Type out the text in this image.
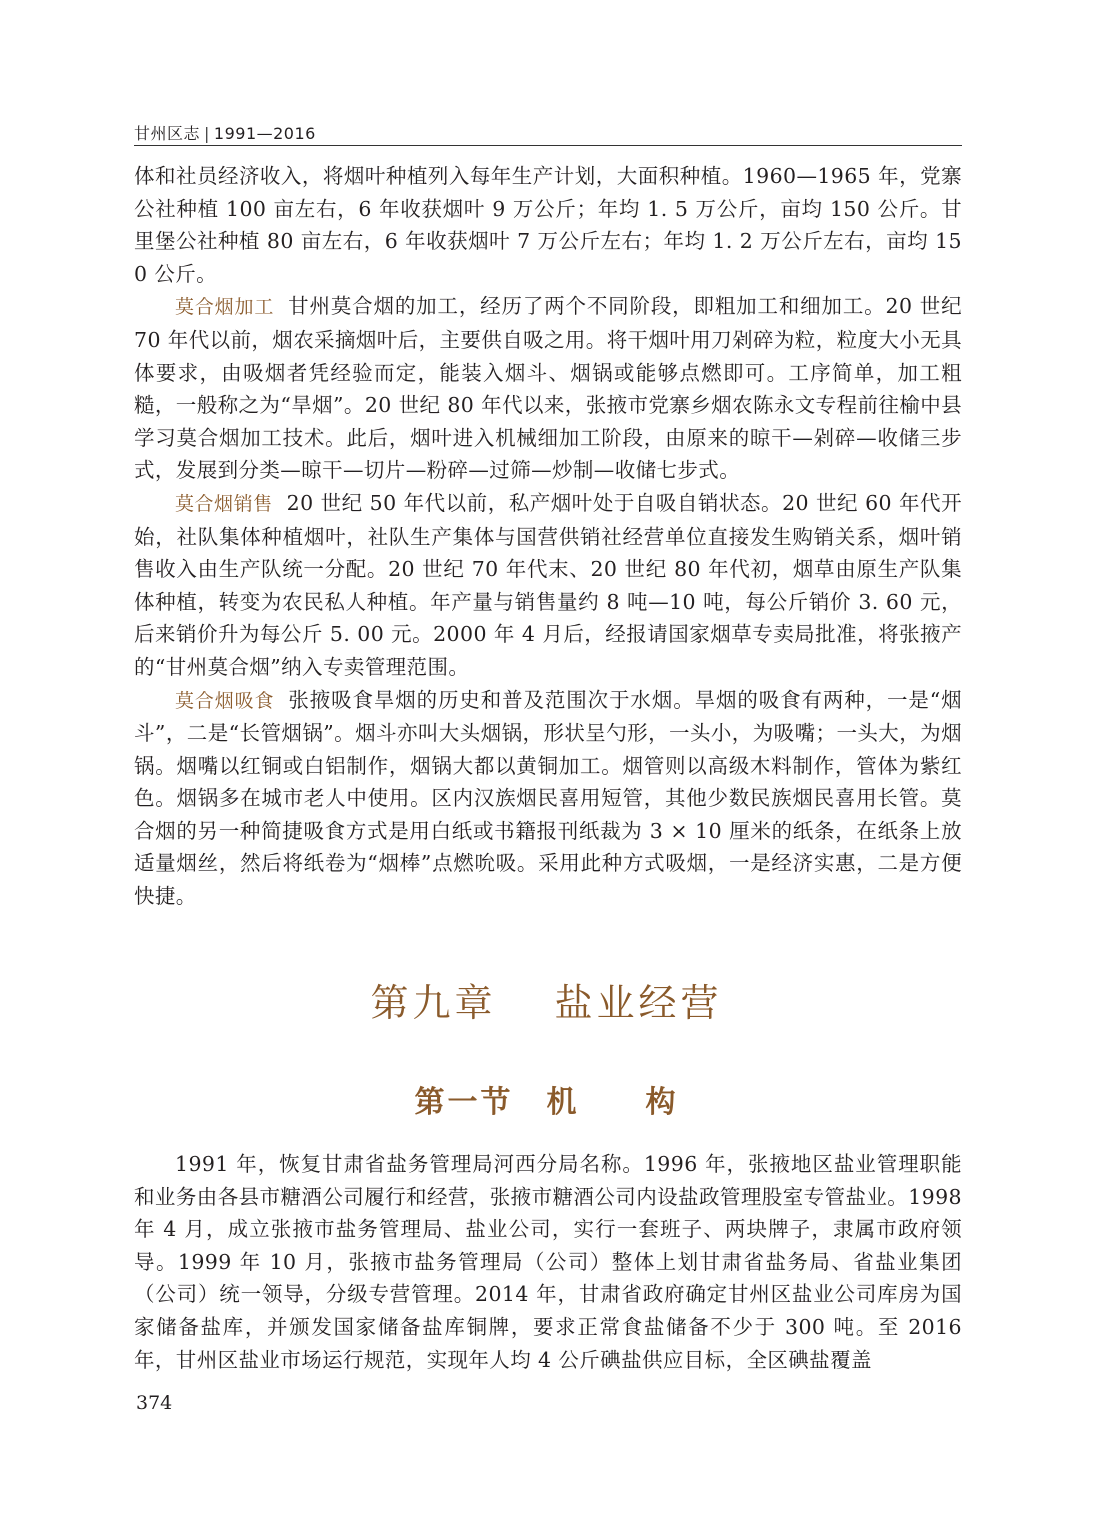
甘州区志 | 1991—2016

体和社员经济收入，将烟叶种植列入每年生产计划，大面积种植。1960—1965 年，党寨公社种植 100 亩左右，6 年收获烟叶 9 万公斤；年均 1. 5 万公斤，亩均 150 公斤。甘里堡公社种植 80 亩左右，6 年收获烟叶 7 万公斤左右；年均 1. 2 万公斤左右，亩均 150 公斤。

莫合烟加工 甘州莫合烟的加工，经历了两个不同阶段，即粗加工和细加工。20 世纪 70 年代以前，烟农采摘烟叶后，主要供自吸之用。将干烟叶用刀剁碎为粒，粒度大小无具体要求，由吸烟者凭经验而定，能装入烟斗、烟锅或能够点燃即可。工序简单，加工粗糙，一般称之为“旱烟”。20 世纪 80 年代以来，张掖市党寨乡烟农陈永文专程前往榆中县学习莫合烟加工技术。此后，烟叶进入机械细加工阶段，由原来的晾干—剁碎—收储三步式，发展到分类—晾干—切片—粉碎—过筛—炒制—收储七步式。

莫合烟销售 20 世纪 50 年代以前，私产烟叶处于自吸自销状态。20 世纪 60 年代开始，社队集体种植烟叶，社队生产集体与国营供销社经营单位直接发生购销关系，烟叶销售收入由生产队统一分配。20 世纪 70 年代末、20 世纪 80 年代初，烟草由原生产队集体种植，转变为农民私人种植。年产量与销售量约 8 吨—10 吨，每公斤销价 3. 60 元，后来销价升为每公斤 5. 00 元。2000 年 4 月后，经报请国家烟草专卖局批准，将张掖产的“甘州莫合烟”纳入专卖管理范围。

莫合烟吸食 张掖吸食旱烟的历史和普及范围次于水烟。旱烟的吸食有两种，一是“烟斗”，二是“长管烟锅”。烟斗亦叫大头烟锅，形状呈勺形，一头小，为吸嘴；一头大，为烟锅。烟嘴以红铜或白铝制作，烟锅大都以黄铜加工。烟管则以高级木料制作，管体为紫红色。烟锅多在城市老人中使用。区内汉族烟民喜用短管，其他少数民族烟民喜用长管。莫合烟的另一种简捷吸食方式是用白纸或书籍报刊纸裁为 3 × 10 厘米的纸条，在纸条上放适量烟丝，然后将纸卷为“烟棒”点燃吮吸。采用此种方式吸烟，一是经济实惠，二是方便快捷。

第九章　 盐业经营
第一节　机　　构

1991 年，恢复甘肃省盐务管理局河西分局名称。1996 年，张掖地区盐业管理职能和业务由各县市糖酒公司履行和经营，张掖市糖酒公司内设盐政管理股室专管盐业。1998 年 4 月，成立张掖市盐务管理局、盐业公司，实行一套班子、两块牌子，隶属市政府领导。1999 年 10 月，张掖市盐务管理局（公司）整体上划甘肃省盐务局、省盐业集团（公司）统一领导，分级专营管理。2014 年，甘肃省政府确定甘州区盐业公司库房为国家储备盐库，并颁发国家储备盐库铜牌，要求正常食盐储备不少于 300 吨。至 2016 年，甘州区盐业市场运行规范，实现年人均 4 公斤碘盐供应目标，全区碘盐覆盖

374
